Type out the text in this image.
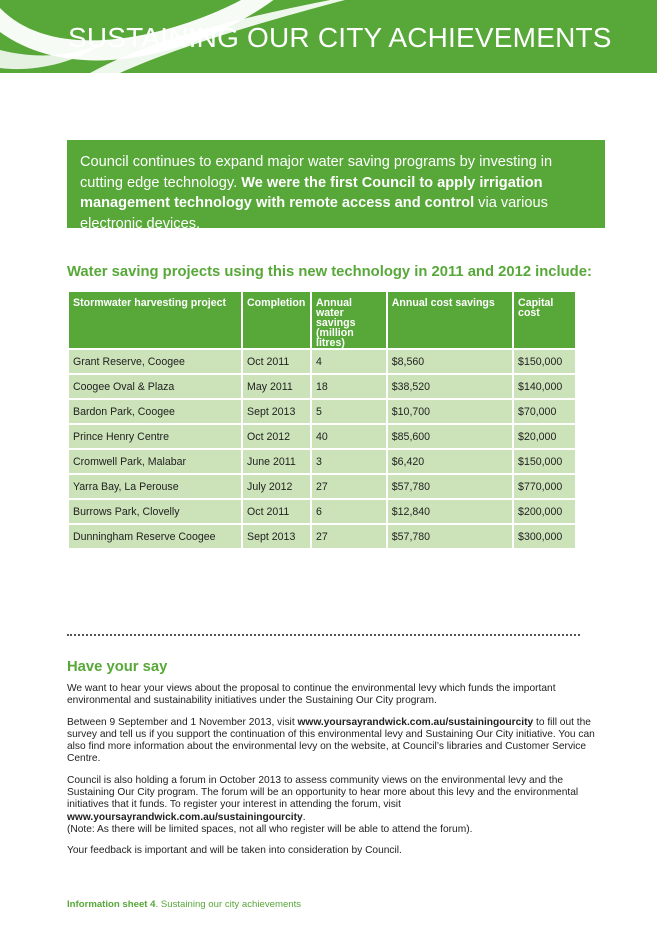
SUSTAINING OUR CITY ACHIEVEMENTS
Council continues to expand major water saving programs by investing in cutting edge technology. We were the first Council to apply irrigation management technology with remote access and control via various electronic devices.
Water saving projects using this new technology in 2011 and 2012 include:
Stormwater harvesting project	Completion	Annual water savings (million litres)	Annual cost savings	Capital cost
Grant Reserve, Coogee	Oct 2011	4	$8,560	$150,000
Coogee Oval & Plaza	May 2011	18	$38,520	$140,000
Bardon Park, Coogee	Sept 2013	5	$10,700	$70,000
Prince Henry Centre	Oct 2012	40	$85,600	$20,000
Cromwell Park, Malabar	June 2011	3	$6,420	$150,000
Yarra Bay, La Perouse	July 2012	27	$57,780	$770,000
Burrows Park, Clovelly	Oct 2011	6	$12,840	$200,000
Dunningham Reserve Coogee	Sept 2013	27	$57,780	$300,000
Have your say

We want to hear your views about the proposal to continue the environmental levy which funds the important environmental and sustainability initiatives under the Sustaining Our City program.

Between 9 September and 1 November 2013, visit www.yoursayrandwick.com.au/sustainingourcity to fill out the survey and tell us if you support the continuation of this environmental levy and Sustaining Our City initiative. You can also find more information about the environmental levy on the website, at Council’s libraries and Customer Service Centre.

Council is also holding a forum in October 2013 to assess community views on the environmental levy and the Sustaining Our City program. The forum will be an opportunity to hear more about this levy and the environmental initiatives that it funds. To register your interest in attending the forum, visit www.yoursayrandwick.com.au/sustainingourcity.
(Note: As there will be limited spaces, not all who register will be able to attend the forum).

Your feedback is important and will be taken into consideration by Council.

Information sheet 4. Sustaining our city achievements
